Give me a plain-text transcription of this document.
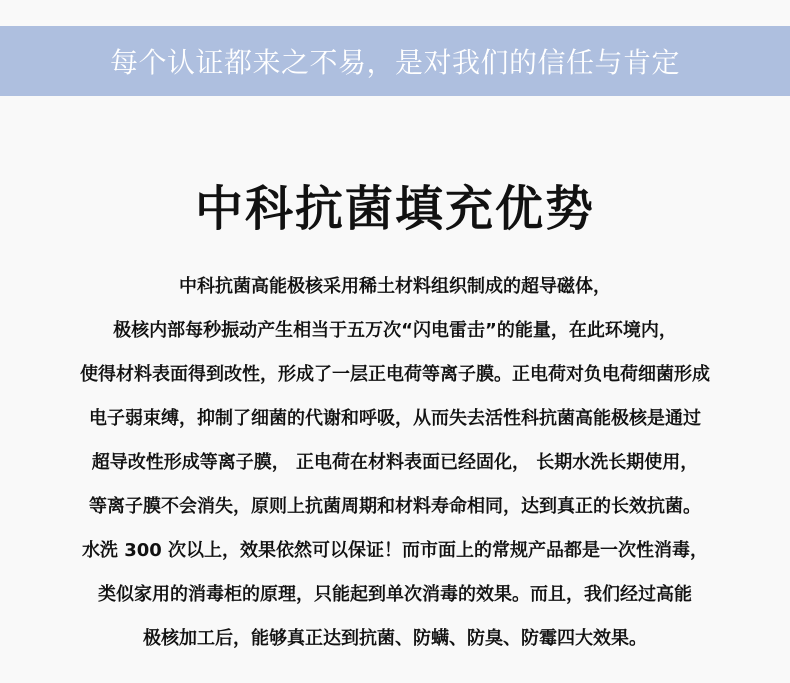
每个认证都来之不易，是对我们的信任与肯定
中科抗菌填充优势
中科抗菌高能极核采用稀土材料组织制成的超导磁体，
极核内部每秒振动产生相当于五万次“闪电雷击”的能量，在此环境内，
使得材料表面得到改性，形成了一层正电荷等离子膜。正电荷对负电荷细菌形成
电子弱束缚，抑制了细菌的代谢和呼吸，从而失去活性科抗菌高能极核是通过
超导改性形成等离子膜， 正电荷在材料表面已经固化， 长期水洗长期使用，
等离子膜不会消失，原则上抗菌周期和材料寿命相同，达到真正的长效抗菌。
水洗 300 次以上，效果依然可以保证！而市面上的常规产品都是一次性消毒，
类似家用的消毒柜的原理，只能起到单次消毒的效果。而且，我们经过高能
极核加工后，能够真正达到抗菌、防螨、防臭、防霉四大效果。
